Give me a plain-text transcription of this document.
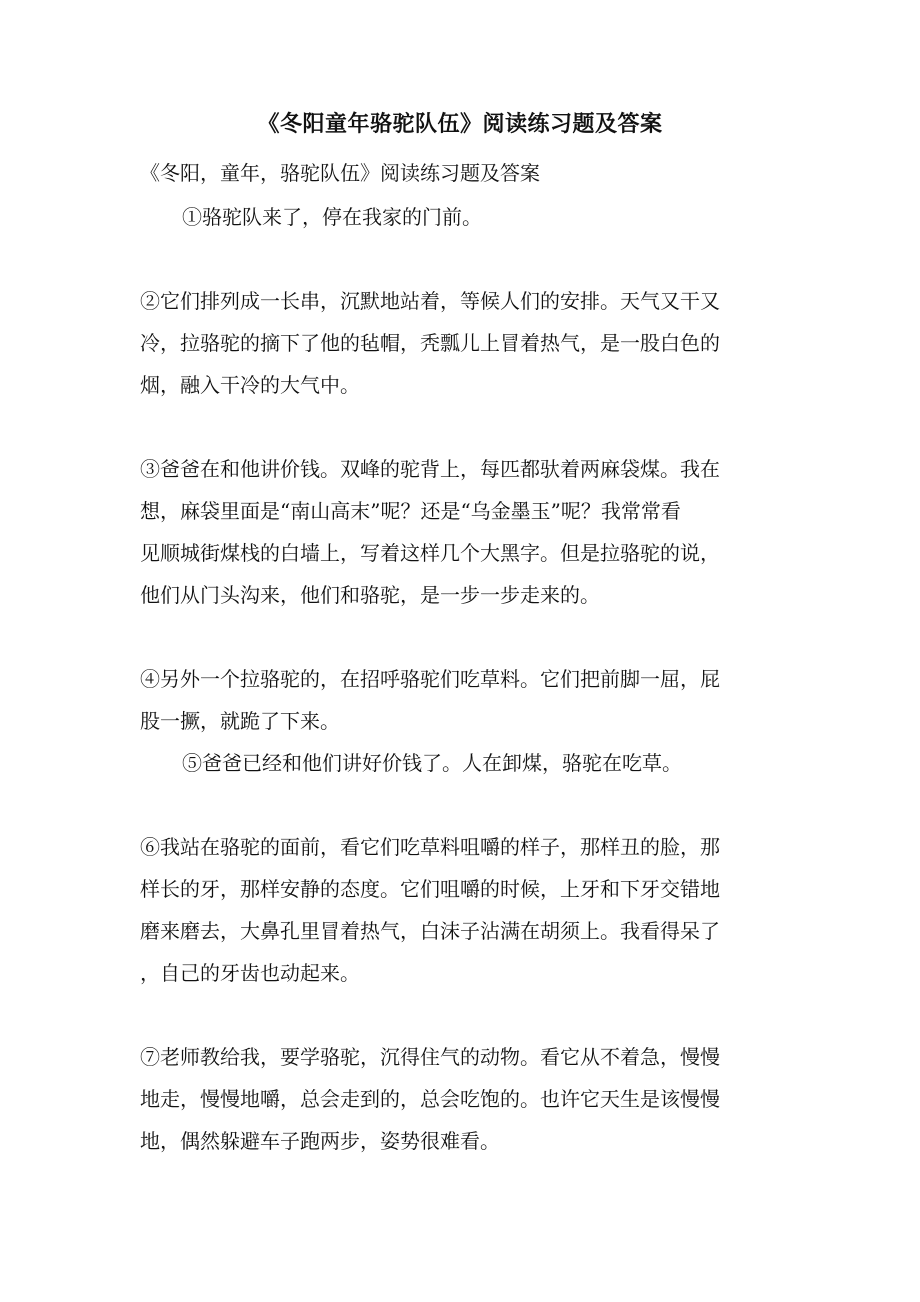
《冬阳童年骆驼队伍》阅读练习题及答案
《冬阳，童年，骆驼队伍》阅读练习题及答案
①骆驼队来了，停在我家的门前。
②它们排列成一长串，沉默地站着，等候人们的安排。天气又干又
冷，拉骆驼的摘下了他的毡帽，秃瓢儿上冒着热气，是一股白色的
烟，融入干冷的大气中。
③爸爸在和他讲价钱。双峰的驼背上，每匹都驮着两麻袋煤。我在
想，麻袋里面是“南山高末”呢？还是“乌金墨玉”呢？我常常看
见顺城街煤栈的白墙上，写着这样几个大黑字。但是拉骆驼的说，
他们从门头沟来，他们和骆驼，是一步一步走来的。
④另外一个拉骆驼的，在招呼骆驼们吃草料。它们把前脚一屈，屁
股一撅，就跪了下来。
⑤爸爸已经和他们讲好价钱了。人在卸煤，骆驼在吃草。
⑥我站在骆驼的面前，看它们吃草料咀嚼的样子，那样丑的脸，那
样长的牙，那样安静的态度。它们咀嚼的时候，上牙和下牙交错地
磨来磨去，大鼻孔里冒着热气，白沫子沾满在胡须上。我看得呆了
，自己的牙齿也动起来。
⑦老师教给我，要学骆驼，沉得住气的动物。看它从不着急，慢慢
地走，慢慢地嚼，总会走到的，总会吃饱的。也许它天生是该慢慢
地，偶然躲避车子跑两步，姿势很难看。
